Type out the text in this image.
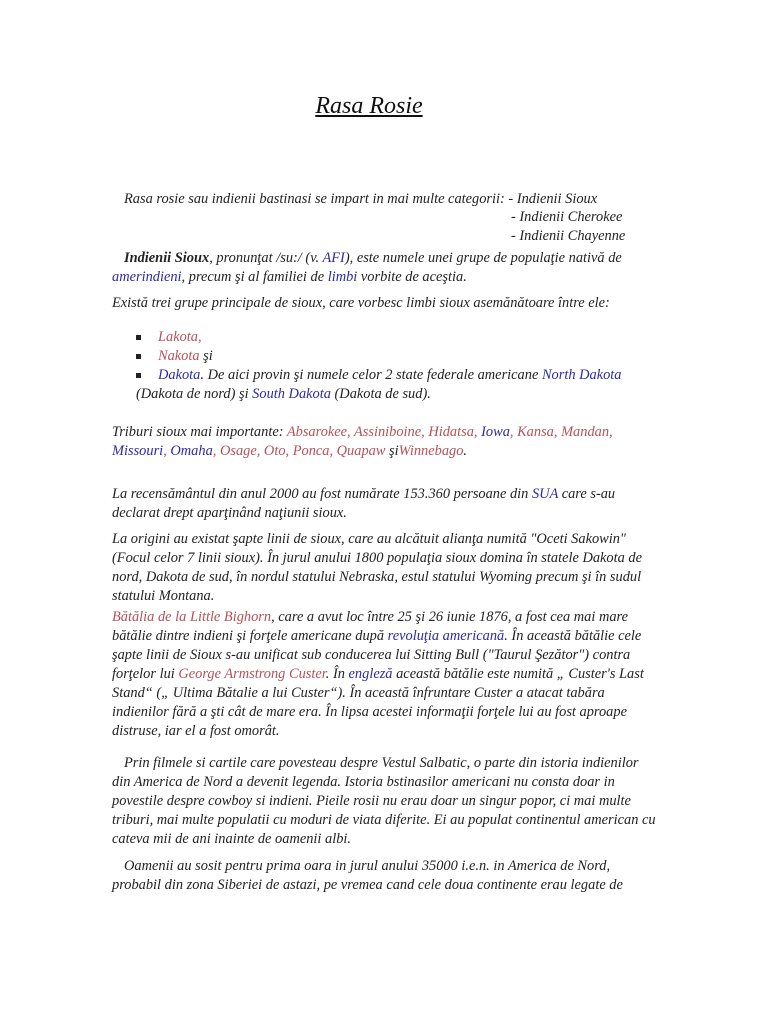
Rasa Rosie
Rasa rosie sau indienii bastinasi se impart in mai multe categorii: - Indienii Sioux
- Indienii Cherokee
- Indienii Chayenne
Indienii Sioux, pronunţat /su:/ (v. AFI), este numele unei grupe de populaţie nativă de amerindieni, precum şi al familiei de limbi vorbite de aceştia.
Există trei grupe principale de sioux, care vorbesc limbi sioux asemănătoare între ele:
Lakota,
Nakota şi
Dakota. De aici provin şi numele celor 2 state federale americane North Dakota (Dakota de nord) şi South Dakota (Dakota de sud).
Triburi sioux mai importante: Absarokee, Assiniboine, Hidatsa, Iowa, Kansa, Mandan, Missouri, Omaha, Osage, Oto, Ponca, Quapaw şiWinnebago.
La recensământul din anul 2000 au fost numărate 153.360 persoane din SUA care s-au declarat drept aparţinând naţiunii sioux.
La origini au existat şapte linii de sioux, care au alcătuit alianţa numită "Oceti Sakowin" (Focul celor 7 linii sioux). În jurul anului 1800 populaţia sioux domina în statele Dakota de nord, Dakota de sud, în nordul statului Nebraska, estul statului Wyoming precum şi în sudul statului Montana.
Bătălia de la Little Bighorn, care a avut loc între 25 şi 26 iunie 1876, a fost cea mai mare bătălie dintre indieni şi forţele americane după revoluţia americană. În această bătălie cele şapte linii de Sioux s-au unificat sub conducerea lui Sitting Bull ("Taurul Şezător") contra forţelor lui George Armstrong Custer. În engleză această bătălie este numită „ Custer's Last Stand“ („ Ultima Bătalie a lui Custer“). În această înfruntare Custer a atacat tabăra indienilor fără a şti cât de mare era. În lipsa acestei informaţii forţele lui au fost aproape distruse, iar el a fost omorât.
Prin filmele si cartile care povesteau despre Vestul Salbatic, o parte din istoria indienilor din America de Nord a devenit legenda. Istoria bstinasilor americani nu consta doar in povestile despre cowboy si indieni. Pieile rosii nu erau doar un singur popor, ci mai multe triburi, mai multe populatii cu moduri de viata diferite. Ei au populat continentul american cu cateva mii de ani inainte de oamenii albi.
Oamenii au sosit pentru prima oara in jurul anului 35000 i.e.n. in America de Nord, probabil din zona Siberiei de astazi, pe vremea cand cele doua continente erau legate de
